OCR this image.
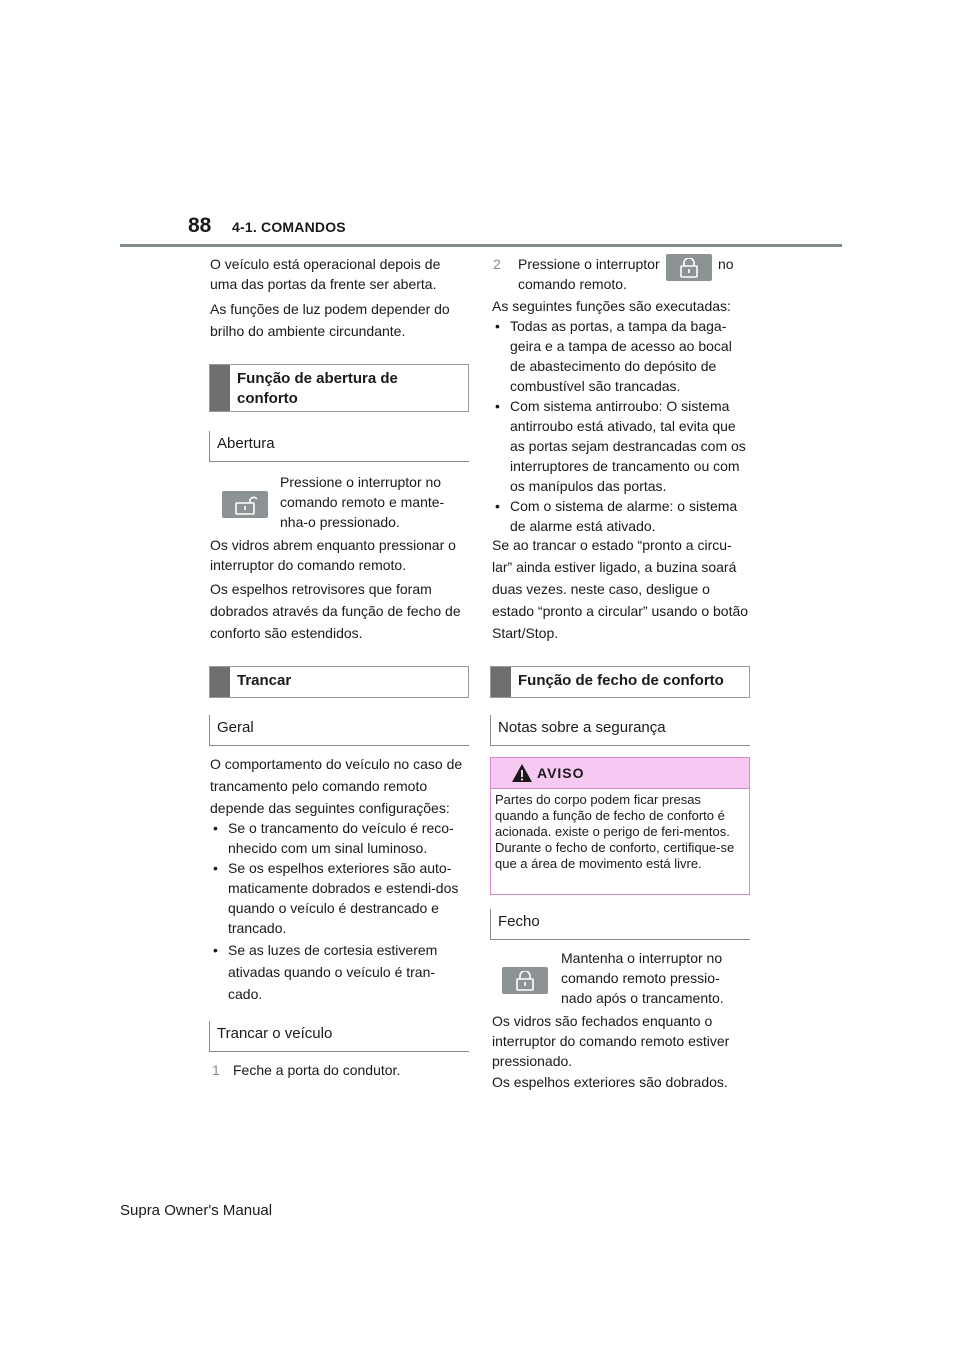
88 4-1. COMANDOS
O veículo está operacional depois de uma das portas da frente ser aberta.
As funções de luz podem depender do brilho do ambiente circundante.
Função de abertura de conforto
Abertura
Pressione o interruptor no comando remoto e mante-nha-o pressionado.
Os vidros abrem enquanto pressionar o interruptor do comando remoto.
Os espelhos retrovisores que foram dobrados através da função de fecho de conforto são estendidos.
Trancar
Geral
O comportamento do veículo no caso de trancamento pelo comando remoto depende das seguintes configurações:
• Se o trancamento do veículo é reco-nhecido com um sinal luminoso.
• Se os espelhos exteriores são auto-maticamente dobrados e estendi-dos quando o veículo é destrancado e trancado.
• Se as luzes de cortesia estiverem ativadas quando o veículo é tran-cado.
Trancar o veículo
1 Feche a porta do condutor.
2 Pressione o interruptor	no
comando remoto.
As seguintes funções são executadas:
• Todas as portas, a tampa da baga-geira e a tampa de acesso ao bocal de abastecimento do depósito de combustível são trancadas.
• Com sistema antirroubo: O sistema antirroubo está ativado, tal evita que as portas sejam destrancadas com os interruptores de trancamento ou com os manípulos das portas.
• Com o sistema de alarme: o sistema de alarme está ativado.
Se ao trancar o estado “pronto a circu-lar” ainda estiver ligado, a buzina soará duas vezes. neste caso, desligue o estado “pronto a circular” usando o botão Start/Stop.
Função de fecho de conforto
Notas sobre a segurança
AVISO
Partes do corpo podem ficar presas quando a função de fecho de conforto é acionada. existe o perigo de feri-mentos. Durante o fecho de conforto, certifique-se que a área de movimento está livre.
Fecho
Mantenha o interruptor no comando remoto pressio-nado após o trancamento.
Os vidros são fechados enquanto o interruptor do comando remoto estiver pressionado.
Os espelhos exteriores são dobrados.
Supra Owner's Manual
